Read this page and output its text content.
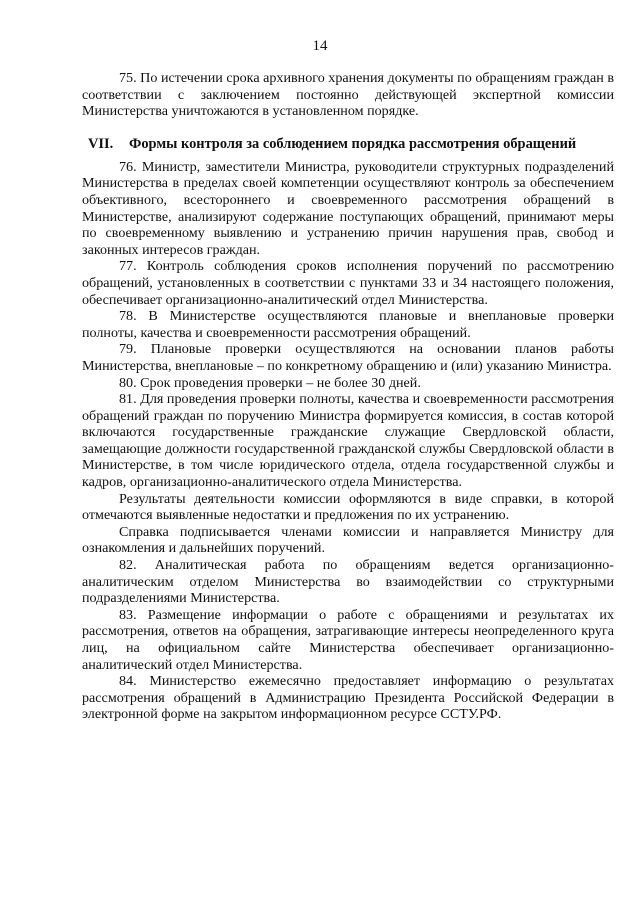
14

75. По истечении срока архивного хранения документы по обращениям граждан в соответствии с заключением постоянно действующей экспертной комиссии Министерства уничтожаются в установленном порядке.

VII. Формы контроля за соблюдением порядка рассмотрения обращений

76. Министр, заместители Министра, руководители структурных подразделений Министерства в пределах своей компетенции осуществляют контроль за обеспечением объективного, всестороннего и своевременного рассмотрения обращений в Министерстве, анализируют содержание поступающих обращений, принимают меры по своевременному выявлению и устранению причин нарушения прав, свобод и законных интересов граждан.

77. Контроль соблюдения сроков исполнения поручений по рассмотрению обращений, установленных в соответствии с пунктами 33 и 34 настоящего положения, обеспечивает организационно-аналитический отдел Министерства.

78. В Министерстве осуществляются плановые и внеплановые проверки полноты, качества и своевременности рассмотрения обращений.

79. Плановые проверки осуществляются на основании планов работы Министерства, внеплановые – по конкретному обращению и (или) указанию Министра.

80. Срок проведения проверки – не более 30 дней.

81. Для проведения проверки полноты, качества и своевременности рассмотрения обращений граждан по поручению Министра формируется комиссия, в состав которой включаются государственные гражданские служащие Свердловской области, замещающие должности государственной гражданской службы Свердловской области в Министерстве, в том числе юридического отдела, отдела государственной службы и кадров, организационно-аналитического отдела Министерства.

Результаты деятельности комиссии оформляются в виде справки, в которой отмечаются выявленные недостатки и предложения по их устранению.

Справка подписывается членами комиссии и направляется Министру для ознакомления и дальнейших поручений.

82. Аналитическая работа по обращениям ведется организационно-аналитическим отделом Министерства во взаимодействии со структурными подразделениями Министерства.

83. Размещение информации о работе с обращениями и результатах их рассмотрения, ответов на обращения, затрагивающие интересы неопределенного круга лиц, на официальном сайте Министерства обеспечивает организационно-аналитический отдел Министерства.

84. Министерство ежемесячно предоставляет информацию о результатах рассмотрения обращений в Администрацию Президента Российской Федерации в электронной форме на закрытом информационном ресурсе ССТУ.РФ.
